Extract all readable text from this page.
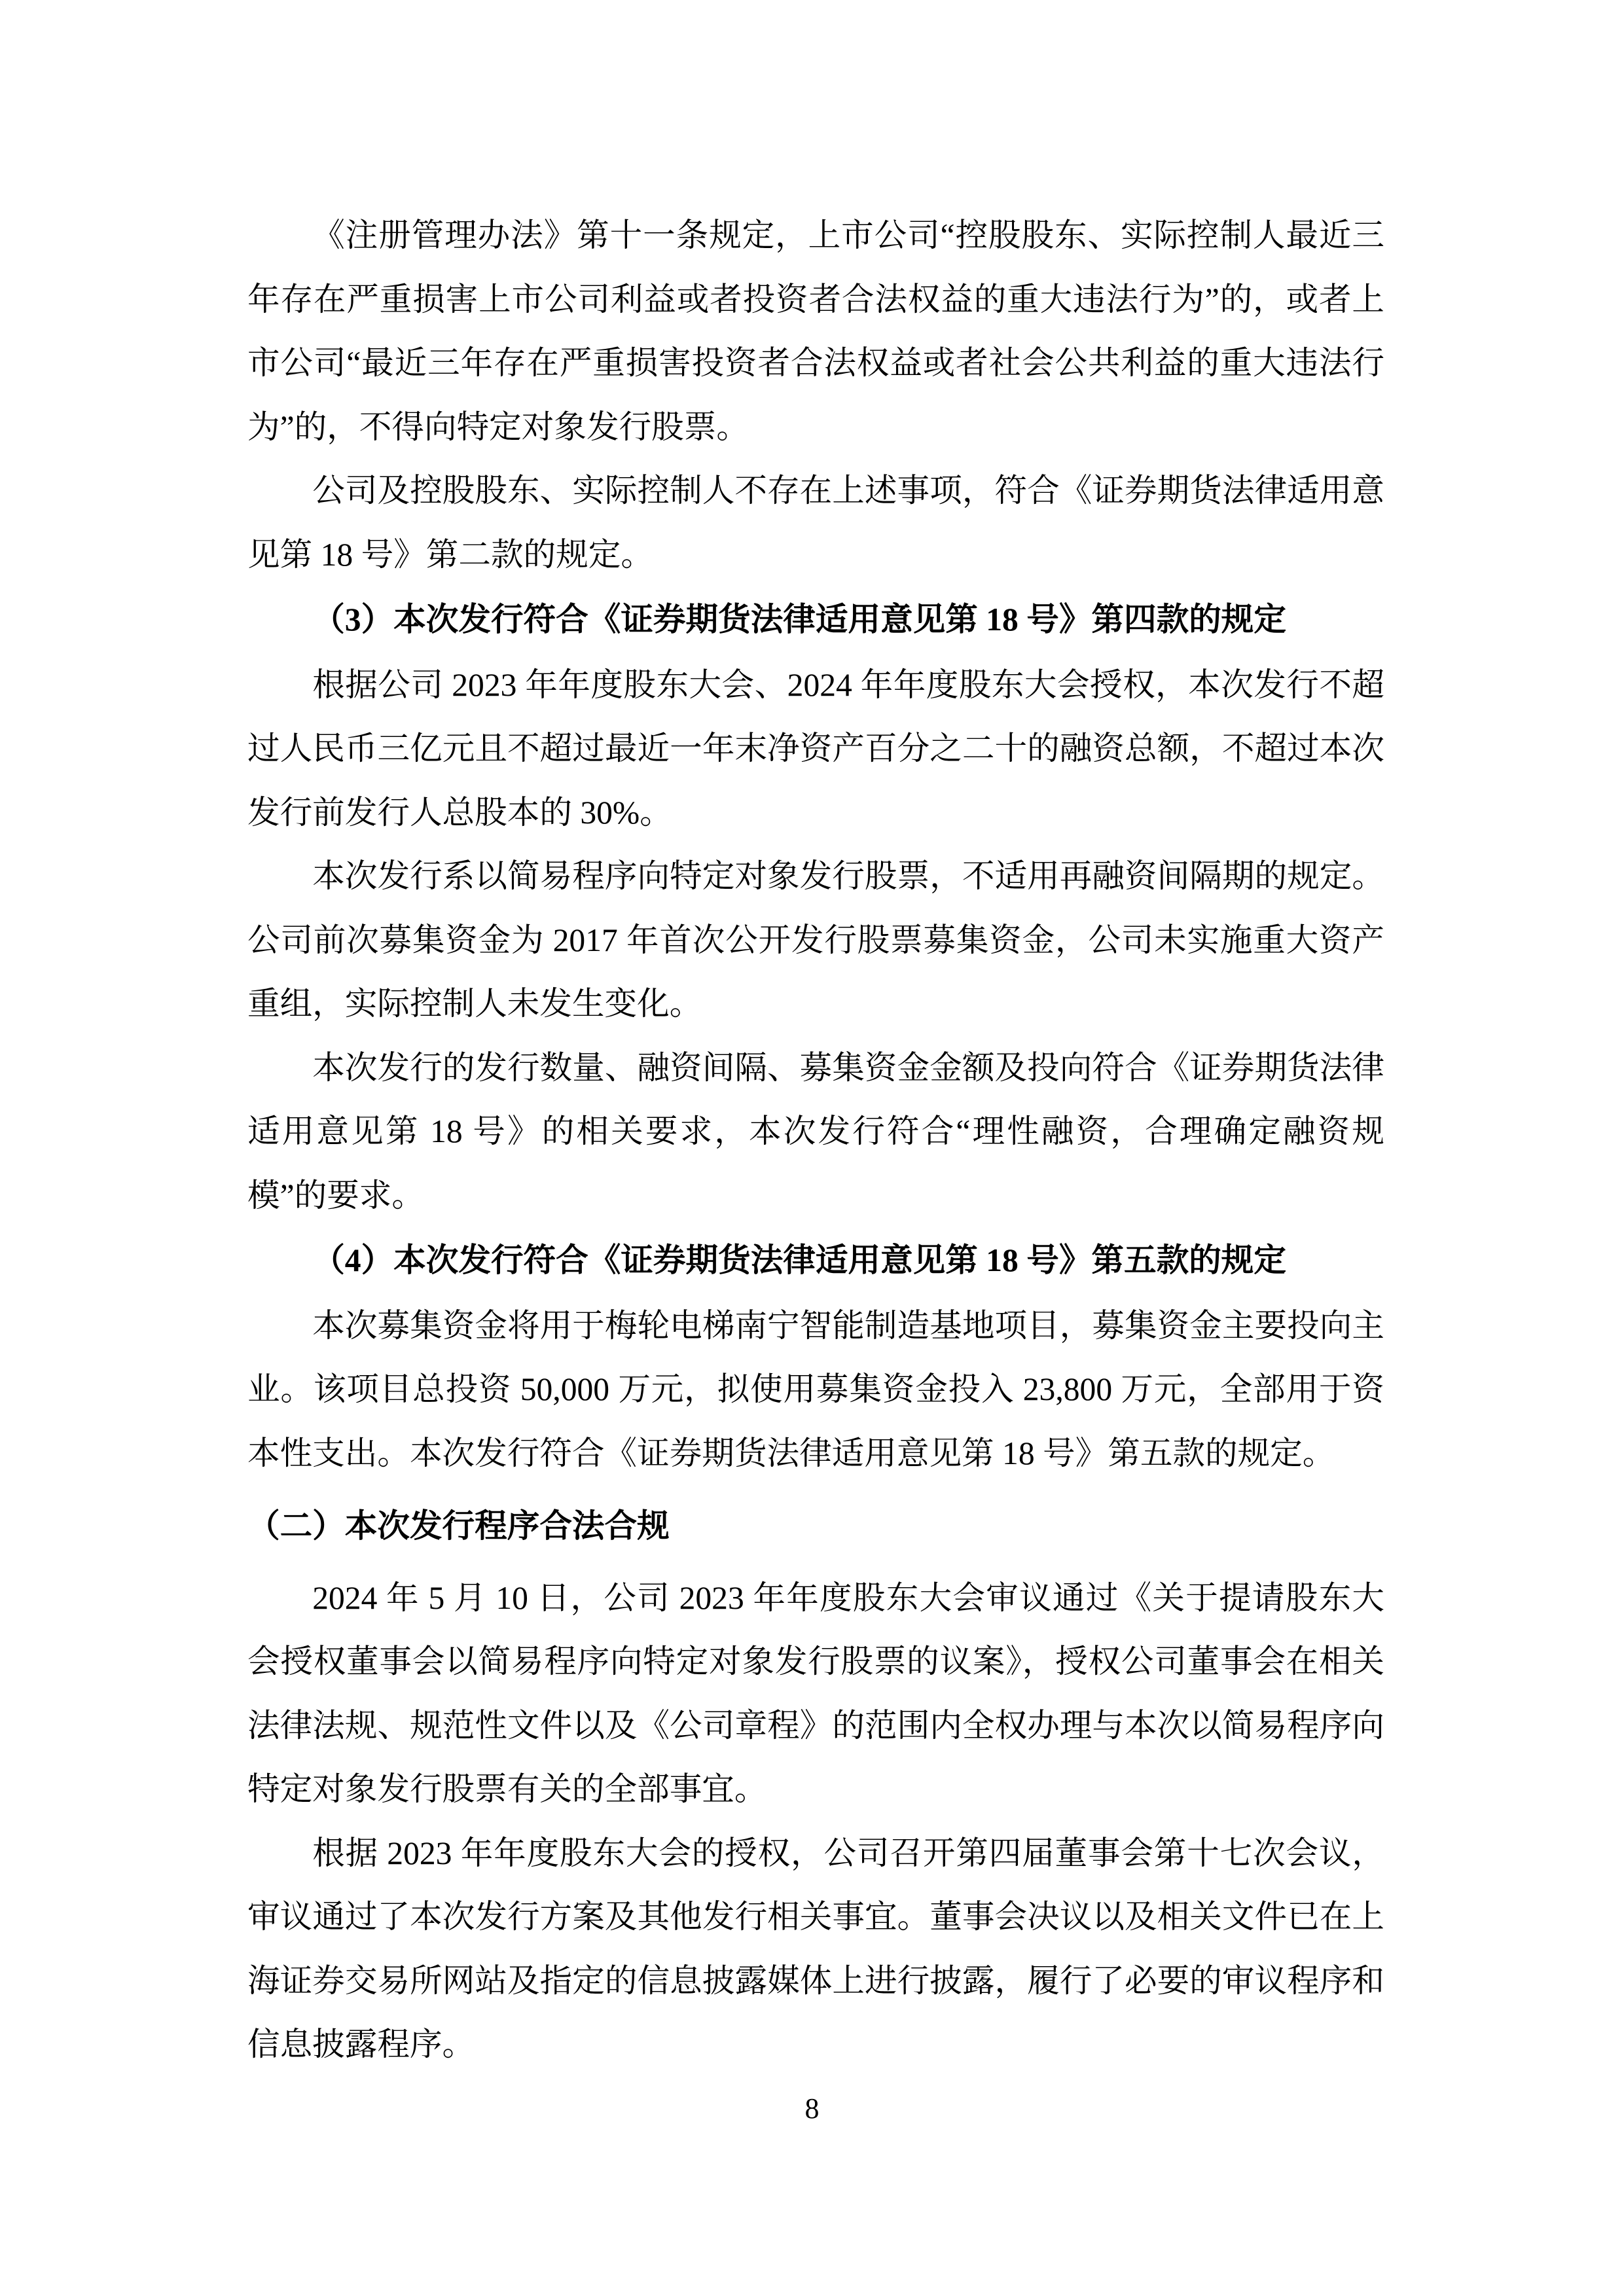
《注册管理办法》第十一条规定，上市公司“控股股东、实际控制人最近三年存在严重损害上市公司利益或者投资者合法权益的重大违法行为”的，或者上市公司“最近三年存在严重损害投资者合法权益或者社会公共利益的重大违法行为”的，不得向特定对象发行股票。

公司及控股股东、实际控制人不存在上述事项，符合《证券期货法律适用意见第 18 号》第二款的规定。

（3）本次发行符合《证券期货法律适用意见第 18 号》第四款的规定

根据公司 2023 年年度股东大会、2024 年年度股东大会授权，本次发行不超过人民币三亿元且不超过最近一年末净资产百分之二十的融资总额，不超过本次发行前发行人总股本的 30%。

本次发行系以简易程序向特定对象发行股票，不适用再融资间隔期的规定。公司前次募集资金为 2017 年首次公开发行股票募集资金，公司未实施重大资产重组，实际控制人未发生变化。

本次发行的发行数量、融资间隔、募集资金金额及投向符合《证券期货法律适用意见第 18 号》的相关要求，本次发行符合“理性融资，合理确定融资规模”的要求。

（4）本次发行符合《证券期货法律适用意见第 18 号》第五款的规定

本次募集资金将用于梅轮电梯南宁智能制造基地项目，募集资金主要投向主业。该项目总投资 50,000 万元，拟使用募集资金投入 23,800 万元，全部用于资本性支出。本次发行符合《证券期货法律适用意见第 18 号》第五款的规定。

（二）本次发行程序合法合规

2024 年 5 月 10 日，公司 2023 年年度股东大会审议通过《关于提请股东大会授权董事会以简易程序向特定对象发行股票的议案》，授权公司董事会在相关法律法规、规范性文件以及《公司章程》的范围内全权办理与本次以简易程序向特定对象发行股票有关的全部事宜。

根据 2023 年年度股东大会的授权，公司召开第四届董事会第十七次会议，审议通过了本次发行方案及其他发行相关事宜。董事会决议以及相关文件已在上海证券交易所网站及指定的信息披露媒体上进行披露，履行了必要的审议程序和信息披露程序。

8
